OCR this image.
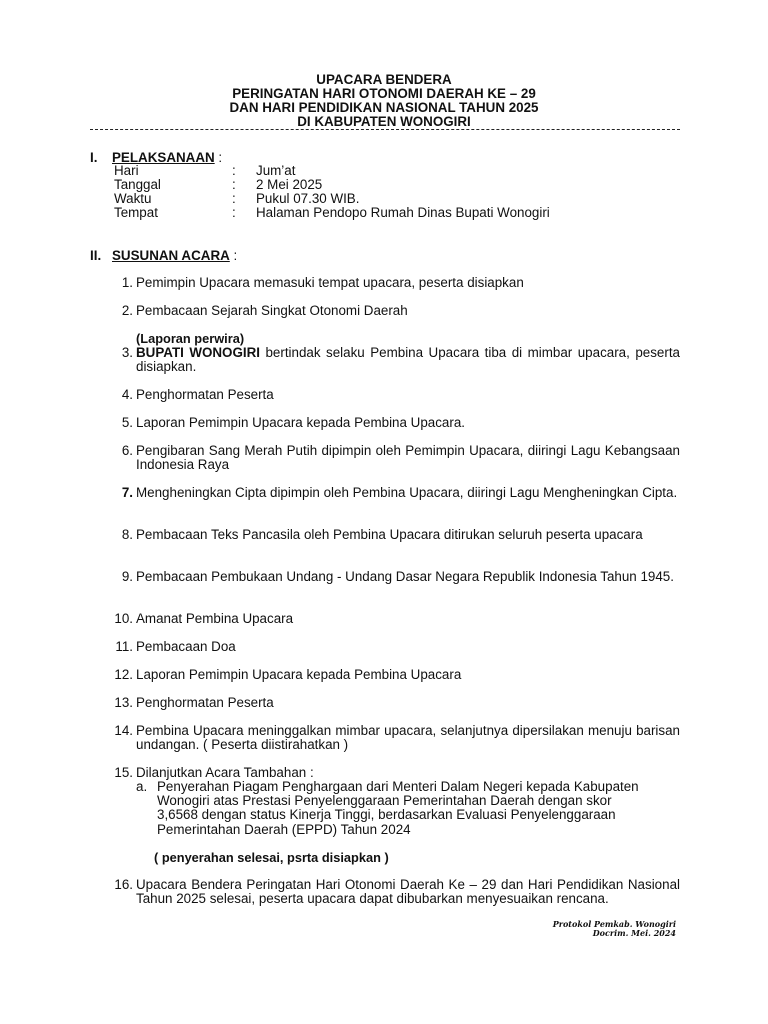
UPACARA BENDERA
PERINGATAN HARI OTONOMI DAERAH KE – 29
DAN HARI PENDIDIKAN NASIONAL TAHUN 2025
DI KABUPATEN WONOGIRI
I. PELAKSANAAN :
Hari	: Jum’at
Tanggal	: 2 Mei 2025
Waktu	: Pukul 07.30 WIB.
Tempat	: Halaman Pendopo Rumah Dinas Bupati Wonogiri
II. SUSUNAN ACARA :
1. Pemimpin Upacara memasuki tempat upacara, peserta disiapkan
2. Pembacaan Sejarah Singkat Otonomi Daerah
(Laporan perwira)
3. BUPATI WONOGIRI bertindak selaku Pembina Upacara tiba di mimbar upacara, peserta disiapkan.
4. Penghormatan Peserta
5. Laporan Pemimpin Upacara kepada Pembina Upacara.
6. Pengibaran Sang Merah Putih dipimpin oleh Pemimpin Upacara, diiringi Lagu Kebangsaan Indonesia Raya
7. Mengheningkan Cipta dipimpin oleh Pembina Upacara, diiringi Lagu Mengheningkan Cipta.
8. Pembacaan Teks Pancasila oleh Pembina Upacara ditirukan seluruh peserta upacara
9. Pembacaan Pembukaan Undang - Undang Dasar Negara Republik Indonesia Tahun 1945.
10. Amanat Pembina Upacara
11. Pembacaan Doa
12. Laporan Pemimpin Upacara kepada Pembina Upacara
13. Penghormatan Peserta
14. Pembina Upacara meninggalkan mimbar upacara, selanjutnya dipersilakan menuju barisan undangan. ( Peserta diistirahatkan )
15. Dilanjutkan Acara Tambahan :
a. Penyerahan Piagam Penghargaan dari Menteri Dalam Negeri kepada Kabupaten Wonogiri atas Prestasi Penyelenggaraan Pemerintahan Daerah dengan skor 3,6568 dengan status Kinerja Tinggi, berdasarkan Evaluasi Penyelenggaraan Pemerintahan Daerah (EPPD) Tahun 2024
( penyerahan selesai, psrta disiapkan )
16. Upacara Bendera Peringatan Hari Otonomi Daerah Ke – 29 dan Hari Pendidikan Nasional Tahun 2025 selesai, peserta upacara dapat dibubarkan menyesuaikan rencana.
Protokol Pemkab. Wonogiri
Docrim. Mei. 2024
